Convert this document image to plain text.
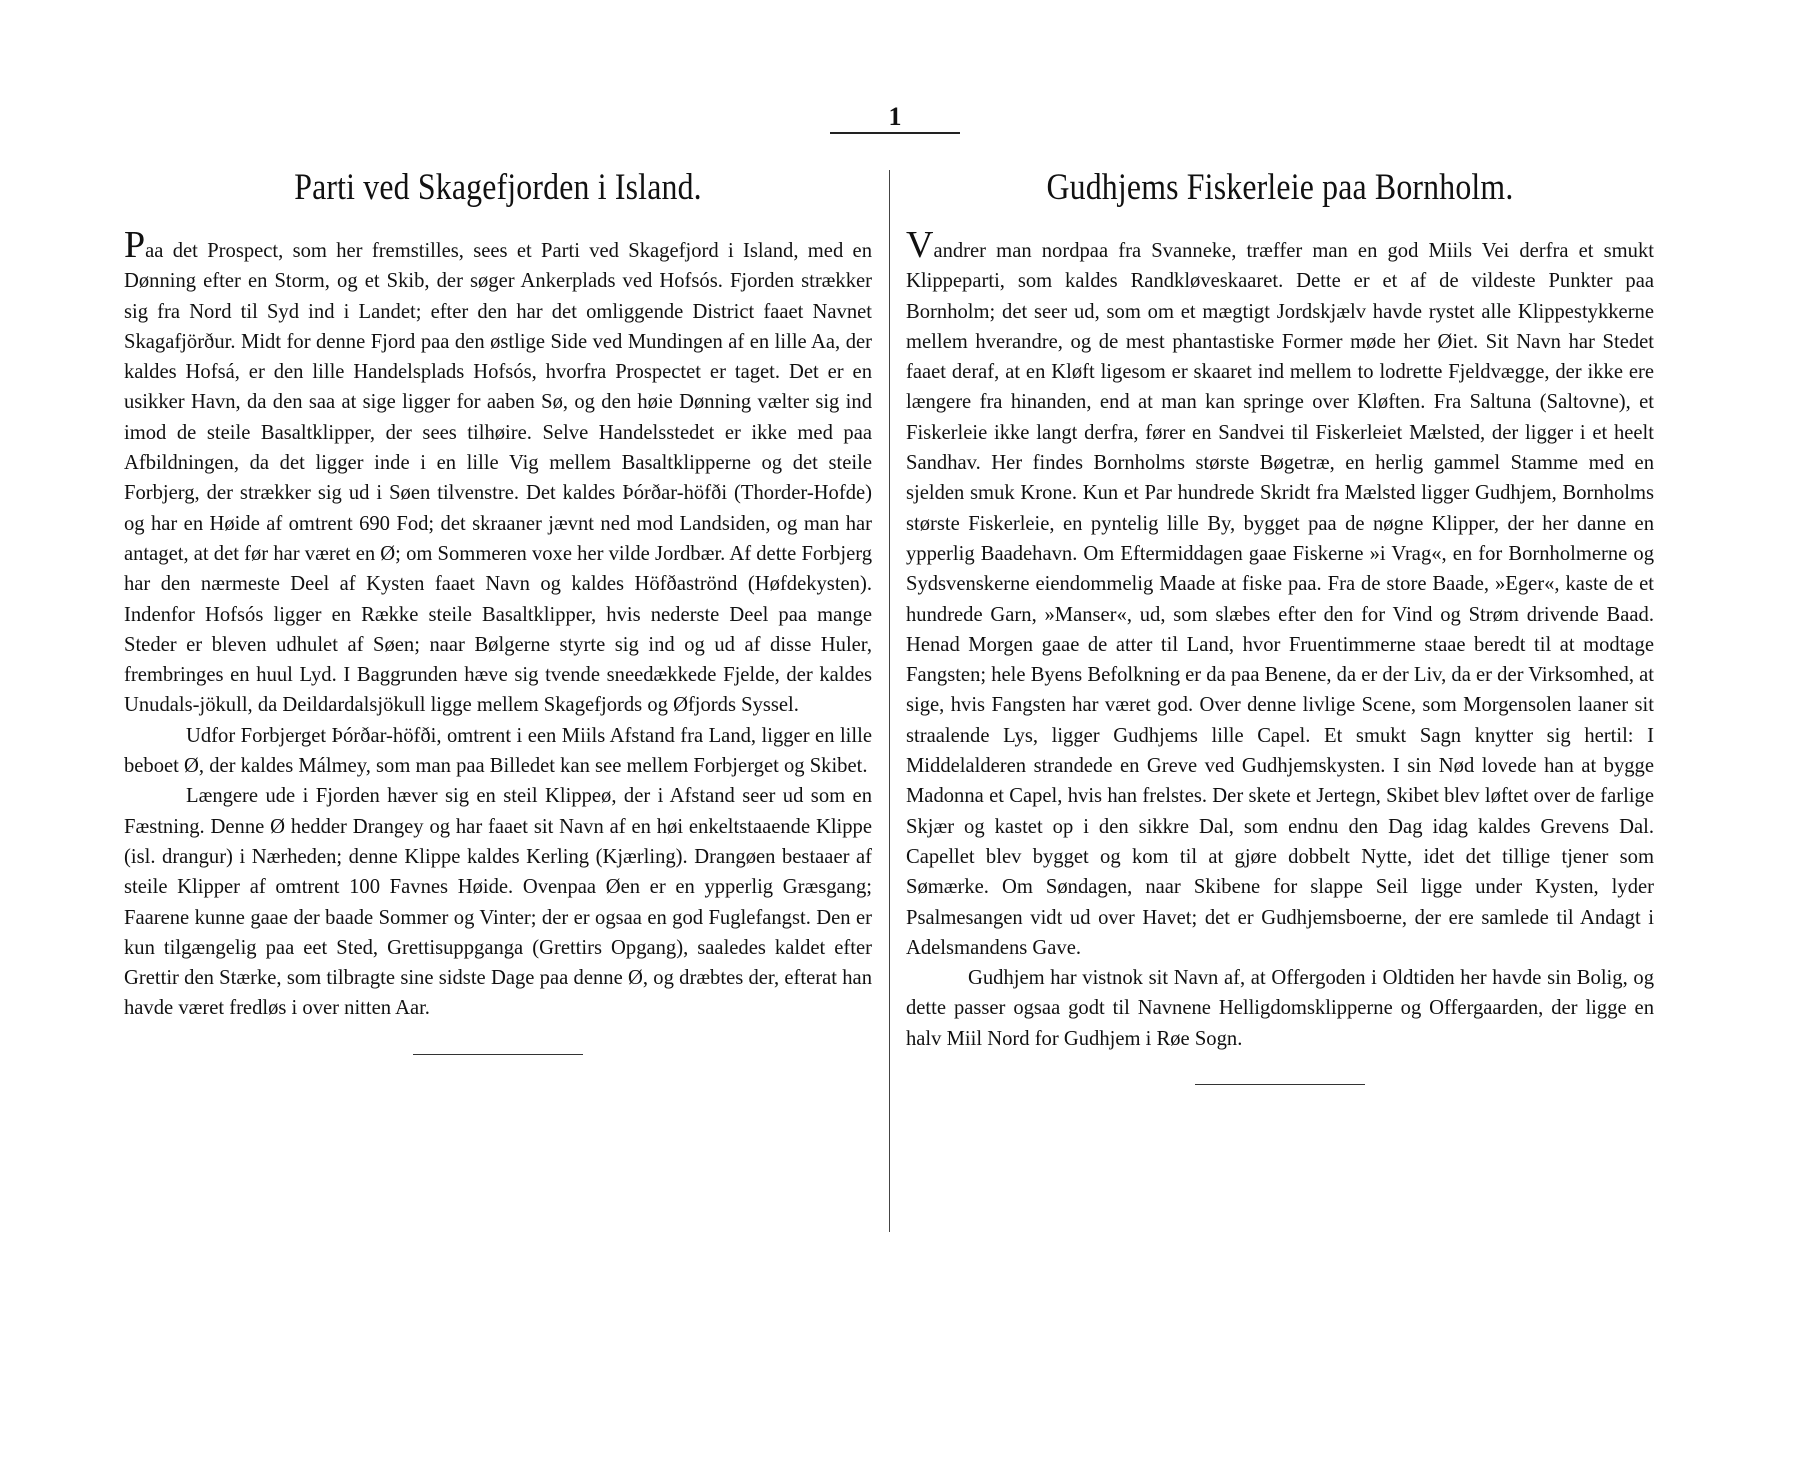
1
Parti ved Skagefjorden i Island.

Paa det Prospect, som her fremstilles, sees et Parti ved Skagefjord i Island, med en Dønning efter en Storm, og et Skib, der søger Ankerplads ved Hofsós. Fjorden strækker sig fra Nord til Syd ind i Landet; efter den har det omliggende District faaet Navnet Skagafjörður. Midt for denne Fjord paa den østlige Side ved Mundingen af en lille Aa, der kaldes Hofsá, er den lille Handelsplads Hofsós, hvorfra Prospectet er taget. Det er en usikker Havn, da den saa at sige ligger for aaben Sø, og den høie Dønning vælter sig ind imod de steile Basaltklipper, der sees tilhøire. Selve Handelsstedet er ikke med paa Afbildningen, da det ligger inde i en lille Vig mellem Basaltklipperne og det steile Forbjerg, der strækker sig ud i Søen tilvenstre. Det kaldes Þórðar-höfði (Thorder-Hofde) og har en Høide af omtrent 690 Fod; det skraaner jævnt ned mod Landsiden, og man har antaget, at det før har været en Ø; om Sommeren voxe her vilde Jordbær. Af dette Forbjerg har den nærmeste Deel af Kysten faaet Navn og kaldes Höfðaströnd (Høfdekysten). Indenfor Hofsós ligger en Række steile Basaltklipper, hvis nederste Deel paa mange Steder er bleven udhulet af Søen; naar Bølgerne styrte sig ind og ud af disse Huler, frembringes en huul Lyd. I Baggrunden hæve sig tvende sneedækkede Fjelde, der kaldes Unudals-jökull, da Deildardalsjökull ligge mellem Skagefjords og Øfjords Syssel.

Udfor Forbjerget Þórðar-höfði, omtrent i een Miils Afstand fra Land, ligger en lille beboet Ø, der kaldes Málmey, som man paa Billedet kan see mellem Forbjerget og Skibet.

Længere ude i Fjorden hæver sig en steil Klippeø, der i Afstand seer ud som en Fæstning. Denne Ø hedder Drangey og har faaet sit Navn af en høi enkeltstaaende Klippe (isl. drangur) i Nærheden; denne Klippe kaldes Kerling (Kjærling). Drangøen bestaaer af steile Klipper af omtrent 100 Favnes Høide. Ovenpaa Øen er en ypperlig Græsgang; Faarene kunne gaae der baade Sommer og Vinter; der er ogsaa en god Fuglefangst. Den er kun tilgængelig paa eet Sted, Grettisuppganga (Grettirs Opgang), saaledes kaldet efter Grettir den Stærke, som tilbragte sine sidste Dage paa denne Ø, og dræbtes der, efterat han havde været fredløs i over nitten Aar.

Gudhjems Fiskerleie paa Bornholm.

Vandrer man nordpaa fra Svanneke, træffer man en god Miils Vei derfra et smukt Klippeparti, som kaldes Randkløveskaaret. Dette er et af de vildeste Punkter paa Bornholm; det seer ud, som om et mægtigt Jordskjælv havde rystet alle Klippestykkerne mellem hverandre, og de mest phantastiske Former møde her Øiet. Sit Navn har Stedet faaet deraf, at en Kløft ligesom er skaaret ind mellem to lodrette Fjeldvægge, der ikke ere længere fra hinanden, end at man kan springe over Kløften. Fra Saltuna (Saltovne), et Fiskerleie ikke langt derfra, fører en Sandvei til Fiskerleiet Mælsted, der ligger i et heelt Sandhav. Her findes Bornholms største Bøgetræ, en herlig gammel Stamme med en sjelden smuk Krone. Kun et Par hundrede Skridt fra Mælsted ligger Gudhjem, Bornholms største Fiskerleie, en pyntelig lille By, bygget paa de nøgne Klipper, der her danne en ypperlig Baadehavn. Om Eftermiddagen gaae Fiskerne »i Vrag«, en for Bornholmerne og Sydsvenskerne eiendommelig Maade at fiske paa. Fra de store Baade, »Eger«, kaste de et hundrede Garn, »Manser«, ud, som slæbes efter den for Vind og Strøm drivende Baad. Henad Morgen gaae de atter til Land, hvor Fruentimmerne staae beredt til at modtage Fangsten; hele Byens Befolkning er da paa Benene, da er der Liv, da er der Virksomhed, at sige, hvis Fangsten har været god. Over denne livlige Scene, som Morgensolen laaner sit straalende Lys, ligger Gudhjems lille Capel. Et smukt Sagn knytter sig hertil: I Middelalderen strandede en Greve ved Gudhjemskysten. I sin Nød lovede han at bygge Madonna et Capel, hvis han frelstes. Der skete et Jertegn, Skibet blev løftet over de farlige Skjær og kastet op i den sikkre Dal, som endnu den Dag idag kaldes Grevens Dal. Capellet blev bygget og kom til at gjøre dobbelt Nytte, idet det tillige tjener som Sømærke. Om Søndagen, naar Skibene for slappe Seil ligge under Kysten, lyder Psalmesangen vidt ud over Havet; det er Gudhjemsboerne, der ere samlede til Andagt i Adelsmandens Gave.

Gudhjem har vistnok sit Navn af, at Offergoden i Oldtiden her havde sin Bolig, og dette passer ogsaa godt til Navnene Helligdomsklipperne og Offergaarden, der ligge en halv Miil Nord for Gudhjem i Røe Sogn.
